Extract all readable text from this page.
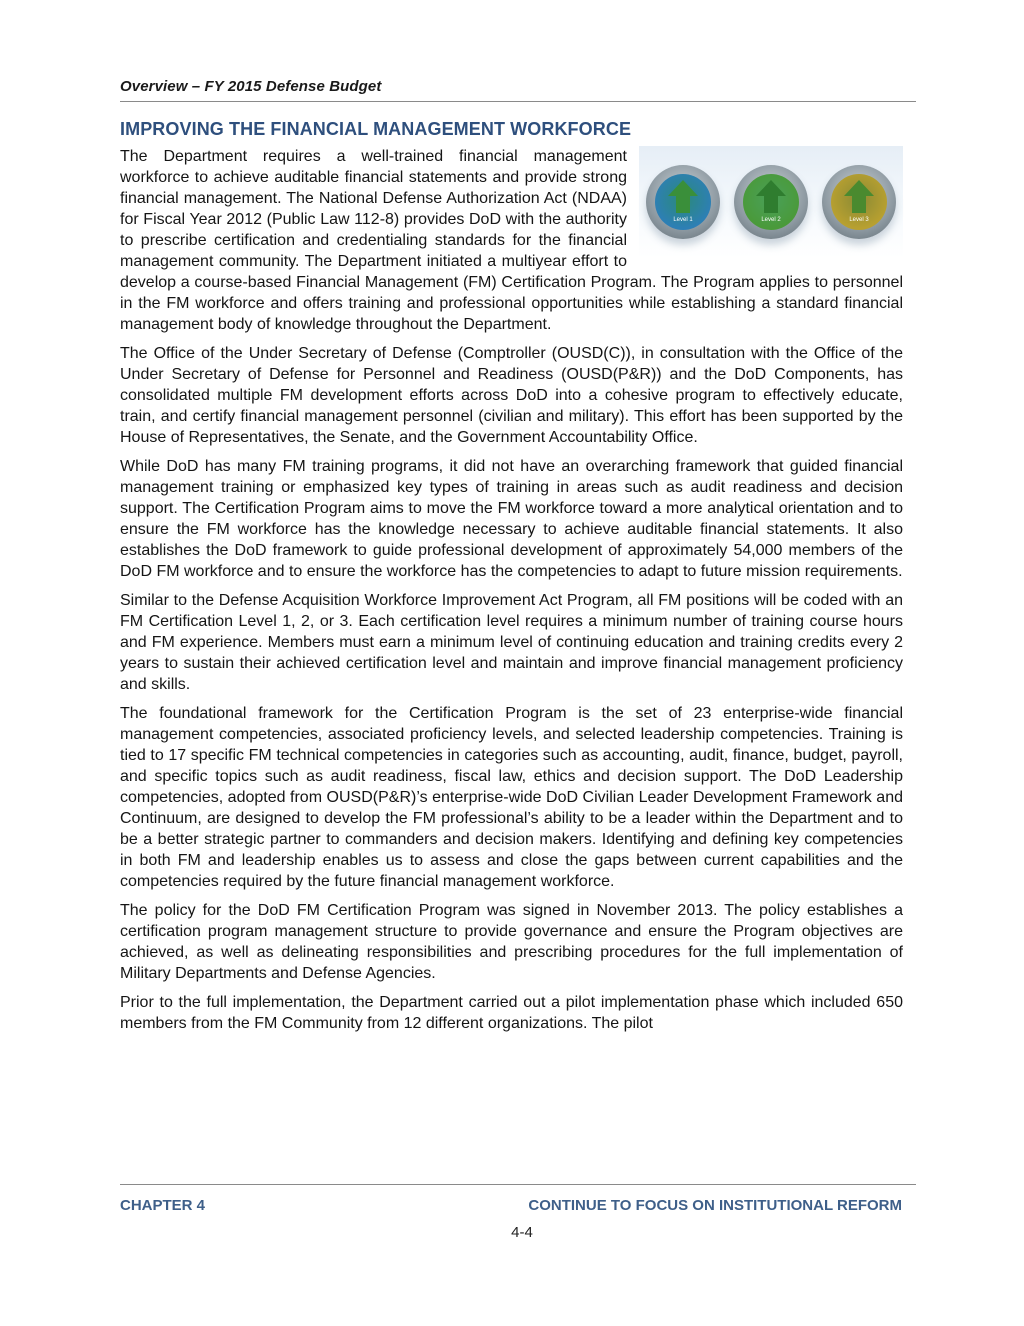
Overview – FY 2015 Defense Budget
IMPROVING THE FINANCIAL MANAGEMENT WORKFORCE
Level 1	Level 2	Level 3

The Department requires a well-trained financial management workforce to achieve auditable financial statements and provide strong financial management. The National Defense Authorization Act (NDAA) for Fiscal Year 2012 (Public Law 112-8) provides DoD with the authority to prescribe certification and credentialing standards for the financial management community. The Department initiated a multiyear effort to develop a course-based Financial Management (FM) Certification Program. The Program applies to personnel in the FM workforce and offers training and professional opportunities while establishing a standard financial management body of knowledge throughout the Department.

The Office of the Under Secretary of Defense (Comptroller (OUSD(C)), in consultation with the Office of the Under Secretary of Defense for Personnel and Readiness (OUSD(P&R)) and the DoD Components, has consolidated multiple FM development efforts across DoD into a cohesive program to effectively educate, train, and certify financial management personnel (civilian and military). This effort has been supported by the House of Representatives, the Senate, and the Government Accountability Office.

While DoD has many FM training programs, it did not have an overarching framework that guided financial management training or emphasized key types of training in areas such as audit readiness and decision support. The Certification Program aims to move the FM workforce toward a more analytical orientation and to ensure the FM workforce has the knowledge necessary to achieve auditable financial statements. It also establishes the DoD framework to guide professional development of approximately 54,000 members of the DoD FM workforce and to ensure the workforce has the competencies to adapt to future mission requirements.

Similar to the Defense Acquisition Workforce Improvement Act Program, all FM positions will be coded with an FM Certification Level 1, 2, or 3. Each certification level requires a minimum number of training course hours and FM experience. Members must earn a minimum level of continuing education and training credits every 2 years to sustain their achieved certification level and maintain and improve financial management proficiency and skills.

The foundational framework for the Certification Program is the set of 23 enterprise-wide financial management competencies, associated proficiency levels, and selected leadership competencies. Training is tied to 17 specific FM technical competencies in categories such as accounting, audit, finance, budget, payroll, and specific topics such as audit readiness, fiscal law, ethics and decision support. The DoD Leadership competencies, adopted from OUSD(P&R)’s enterprise-wide DoD Civilian Leader Development Framework and Continuum, are designed to develop the FM professional’s ability to be a leader within the Department and to be a better strategic partner to commanders and decision makers. Identifying and defining key competencies in both FM and leadership enables us to assess and close the gaps between current capabilities and the competencies required by the future financial management workforce.

The policy for the DoD FM Certification Program was signed in November 2013. The policy establishes a certification program management structure to provide governance and ensure the Program objectives are achieved, as well as delineating responsibilities and prescribing procedures for the full implementation of Military Departments and Defense Agencies.

Prior to the full implementation, the Department carried out a pilot implementation phase which included 650 members from the FM Community from 12 different organizations. The pilot

CHAPTER 4	CONTINUE TO FOCUS ON INSTITUTIONAL REFORM
4-4
